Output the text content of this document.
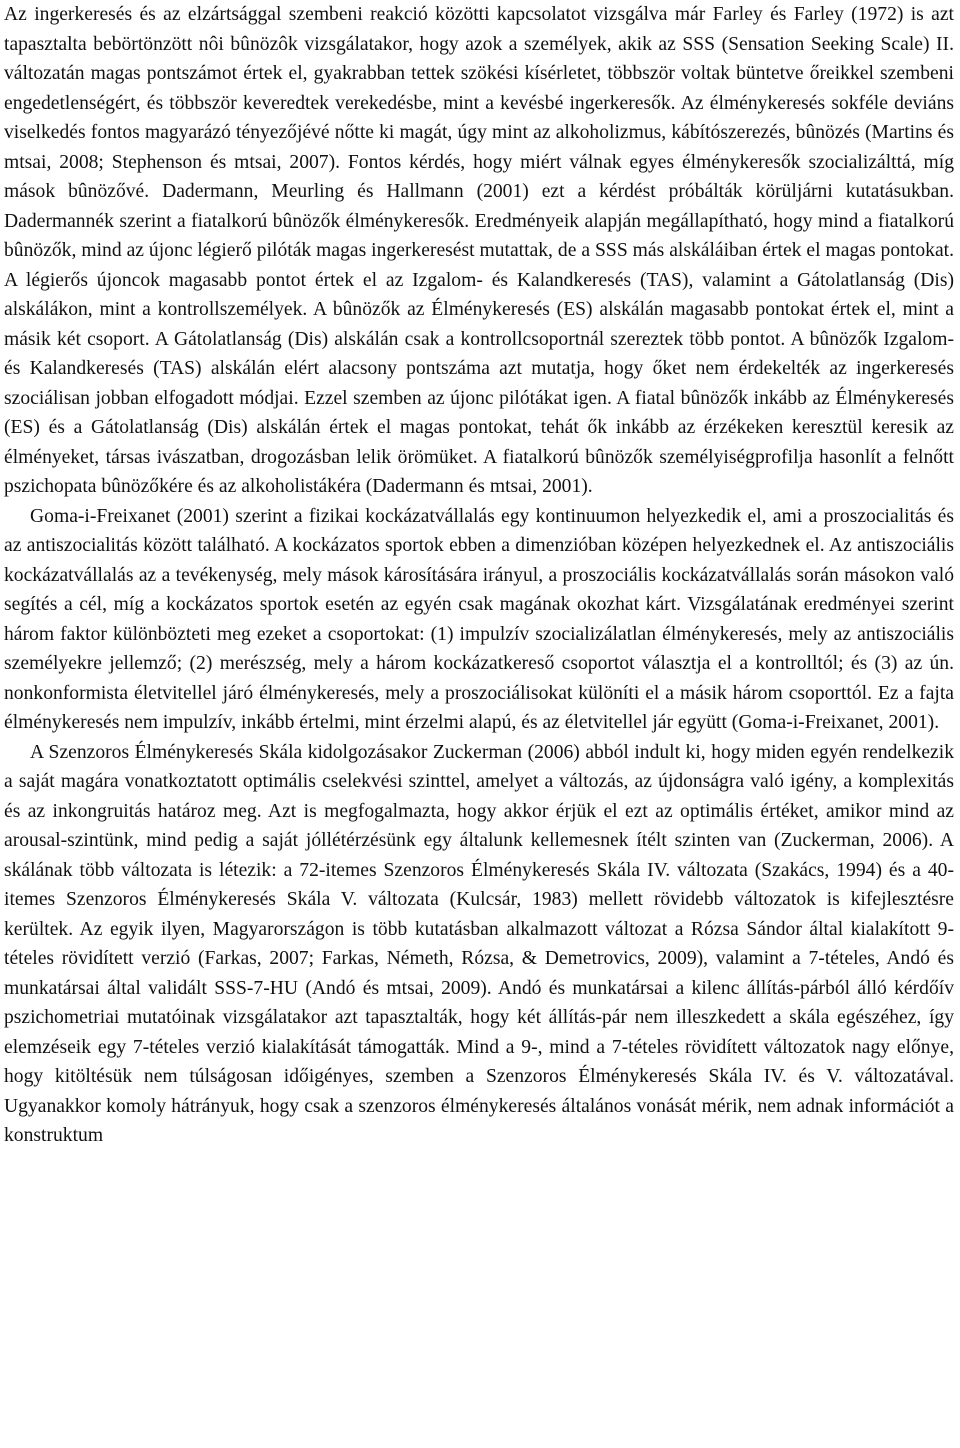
Az ingerkeresés és az elzártsággal szembeni reakció közötti kapcsolatot vizsgálva már Farley és Farley (1972) is azt tapasztalta bebörtönzött nôi bûnözôk vizsgálatakor, hogy azok a személyek, akik az SSS (Sensation Seeking Scale) II. változatán magas pontszámot értek el, gyakrabban tettek szökési kísérletet, többször voltak büntetve őreikkel szembeni engedetlenségért, és többször keveredtek verekedésbe, mint a kevésbé ingerkeresők. Az élménykeresés sokféle deviáns viselkedés fontos magyarázó tényezőjévé nőtte ki magát, úgy mint az alkoholizmus, kábítószerezés, bûnözés (Martins és mtsai, 2008; Stephenson és mtsai, 2007). Fontos kérdés, hogy miért válnak egyes élménykeresők szocializálttá, míg mások bûnözővé. Dadermann, Meurling és Hallmann (2001) ezt a kérdést próbálták körüljárni kutatásukban. Dadermannék szerint a fiatalkorú bûnözők élménykeresők. Eredményeik alapján megállapítható, hogy mind a fiatalkorú bûnözők, mind az újonc légierő pilóták magas ingerkeresést mutattak, de a SSS más alskáláiban értek el magas pontokat. A légierős újoncok magasabb pontot értek el az Izgalom- és Kalandkeresés (TAS), valamint a Gátolatlanság (Dis) alskálákon, mint a kontrollszemélyek. A bûnözők az Élménykeresés (ES) alskálán magasabb pontokat értek el, mint a másik két csoport. A Gátolatlanság (Dis) alskálán csak a kontrollcsoportnál szereztek több pontot. A bûnözők Izgalom- és Kalandkeresés (TAS) alskálán elért alacsony pontszáma azt mutatja, hogy őket nem érdekelték az ingerkeresés szociálisan jobban elfogadott módjai. Ezzel szemben az újonc pilótákat igen. A fiatal bûnözők inkább az Élménykeresés (ES) és a Gátolatlanság (Dis) alskálán értek el magas pontokat, tehát ők inkább az érzékeken keresztül keresik az élményeket, társas ivászatban, drogozásban lelik örömüket. A fiatalkorú bûnözők személyiségprofilja hasonlít a felnőtt pszichopata bûnözőkére és az alkoholistákéra (Dadermann és mtsai, 2001).

Goma-i-Freixanet (2001) szerint a fizikai kockázatvállalás egy kontinuumon helyezkedik el, ami a proszocialitás és az antiszocialitás között található. A kockázatos sportok ebben a dimenzióban középen helyezkednek el. Az antiszociális kockázatvállalás az a tevékenység, mely mások károsítására irányul, a proszociális kockázatvállalás során másokon való segítés a cél, míg a kockázatos sportok esetén az egyén csak magának okozhat kárt. Vizsgálatának eredményei szerint három faktor különbözteti meg ezeket a csoportokat: (1) impulzív szocializálatlan élménykeresés, mely az antiszociális személyekre jellemző; (2) merészség, mely a három kockázatkereső csoportot választja el a kontrolltól; és (3) az ún. nonkonformista életvitellel járó élménykeresés, mely a proszociálisokat különíti el a másik három csoporttól. Ez a fajta élménykeresés nem impulzív, inkább értelmi, mint érzelmi alapú, és az életvitellel jár együtt (Goma-i-Freixanet, 2001).

A Szenzoros Élménykeresés Skála kidolgozásakor Zuckerman (2006) abból indult ki, hogy miden egyén rendelkezik a saját magára vonatkoztatott optimális cselekvési szinttel, amelyet a változás, az újdonságra való igény, a komplexitás és az inkongruitás határoz meg. Azt is megfogalmazta, hogy akkor érjük el ezt az optimális értéket, amikor mind az arousal-szintünk, mind pedig a saját jóllétérzésünk egy általunk kellemesnek ítélt szinten van (Zuckerman, 2006). A skálának több változata is létezik: a 72-itemes Szenzoros Élménykeresés Skála IV. változata (Szakács, 1994) és a 40-itemes Szenzoros Élménykeresés Skála V. változata (Kulcsár, 1983) mellett rövidebb változatok is kifejlesztésre kerültek. Az egyik ilyen, Magyarországon is több kutatásban alkalmazott változat a Rózsa Sándor által kialakított 9-tételes rövidített verzió (Farkas, 2007; Farkas, Németh, Rózsa, & Demetrovics, 2009), valamint a 7-tételes, Andó és munkatársai által validált SSS-7-HU (Andó és mtsai, 2009). Andó és munkatársai a kilenc állítás-párból álló kérdőív pszichometriai mutatóinak vizsgálatakor azt tapasztalták, hogy két állítás-pár nem illeszkedett a skála egészéhez, így elemzéseik egy 7-tételes verzió kialakítását támogatták. Mind a 9-, mind a 7-tételes rövidített változatok nagy előnye, hogy kitöltésük nem túlságosan időigényes, szemben a Szenzoros Élménykeresés Skála IV. és V. változatával. Ugyanakkor komoly hátrányuk, hogy csak a szenzoros élménykeresés általános vonását mérik, nem adnak információt a konstruktum
